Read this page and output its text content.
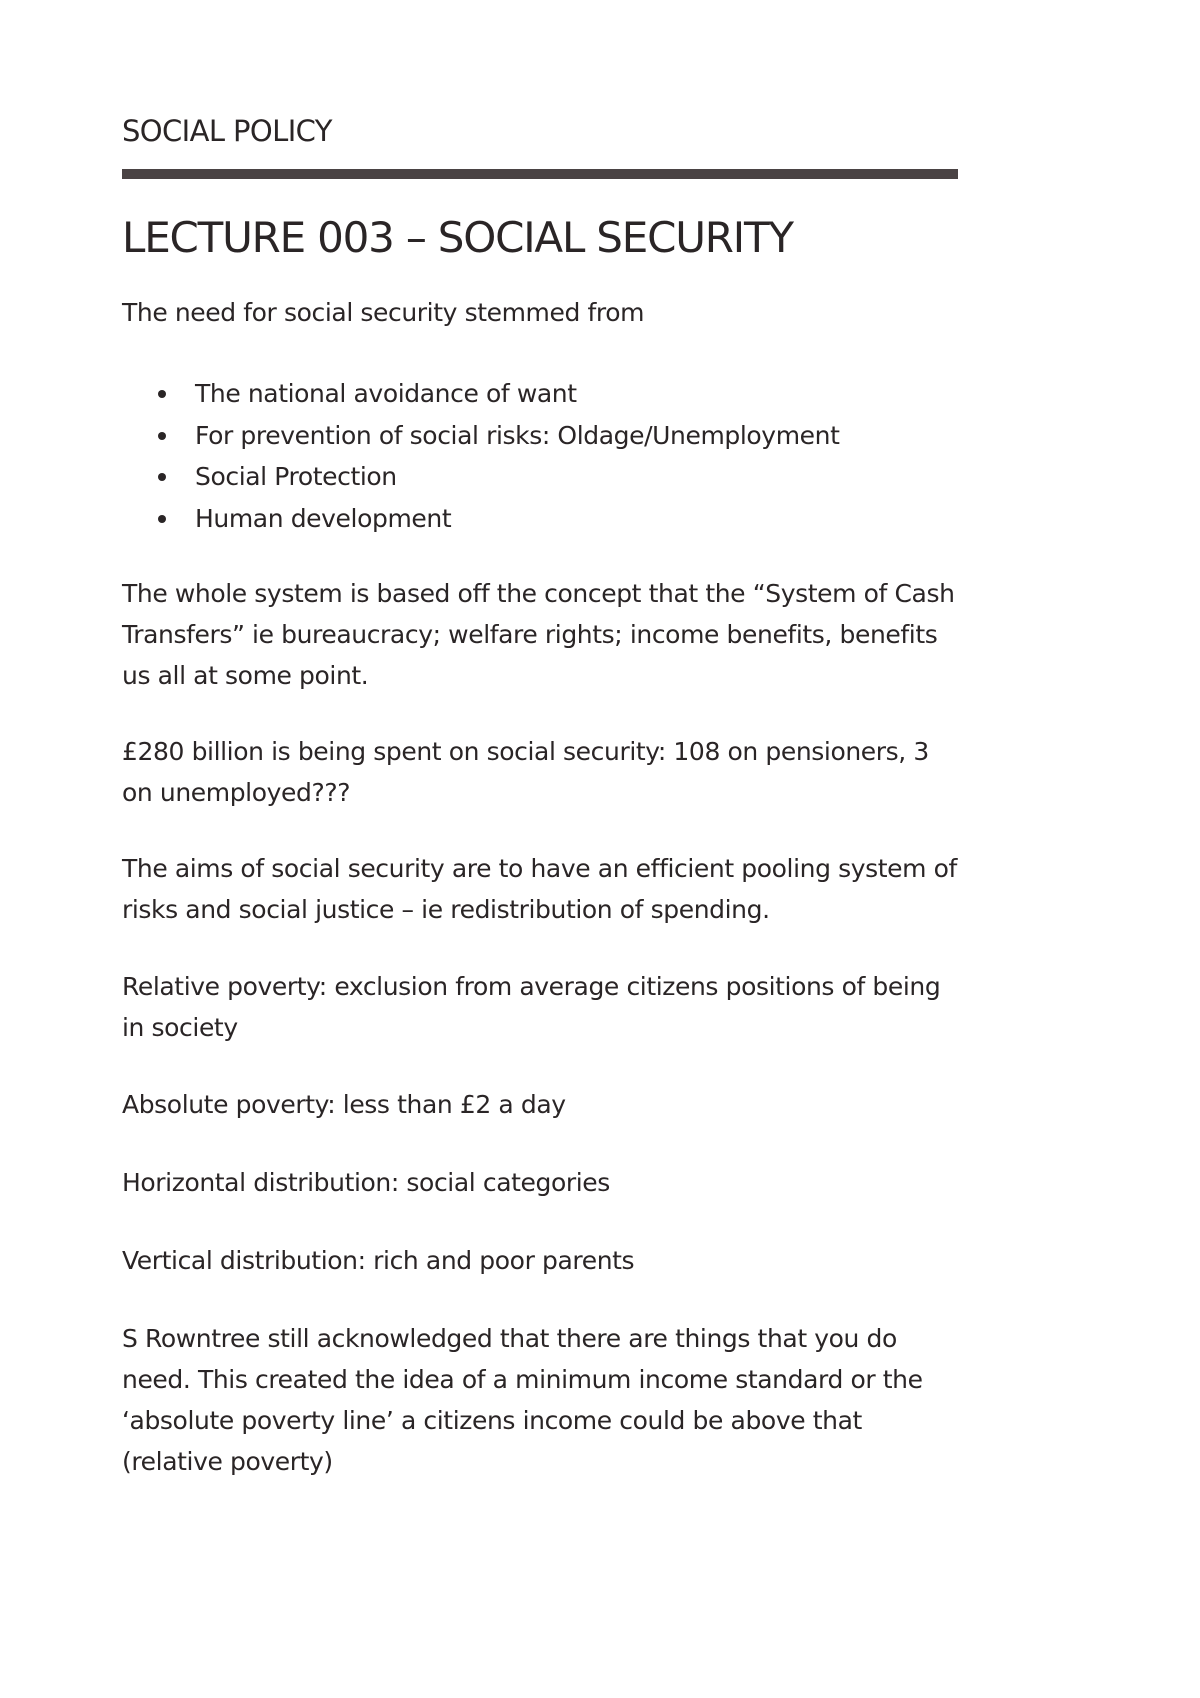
SOCIAL POLICY
LECTURE 003 – SOCIAL SECURITY

The need for social security stemmed from

The national avoidance of want
For prevention of social risks: Oldage/Unemployment
Social Protection
Human development

The whole system is based off the concept that the “System of Cash Transfers” ie bureaucracy; welfare rights; income benefits, benefits us all at some point.

£280 billion is being spent on social security: 108 on pensioners, 3 on unemployed???

The aims of social security are to have an efficient pooling system of risks and social justice – ie redistribution of spending.

Relative poverty: exclusion from average citizens positions of being in society

Absolute poverty: less than £2 a day

Horizontal distribution: social categories

Vertical distribution: rich and poor parents

S Rowntree still acknowledged that there are things that you do need. This created the idea of a minimum income standard or the ‘absolute poverty line’ a citizens income could be above that (relative poverty)
